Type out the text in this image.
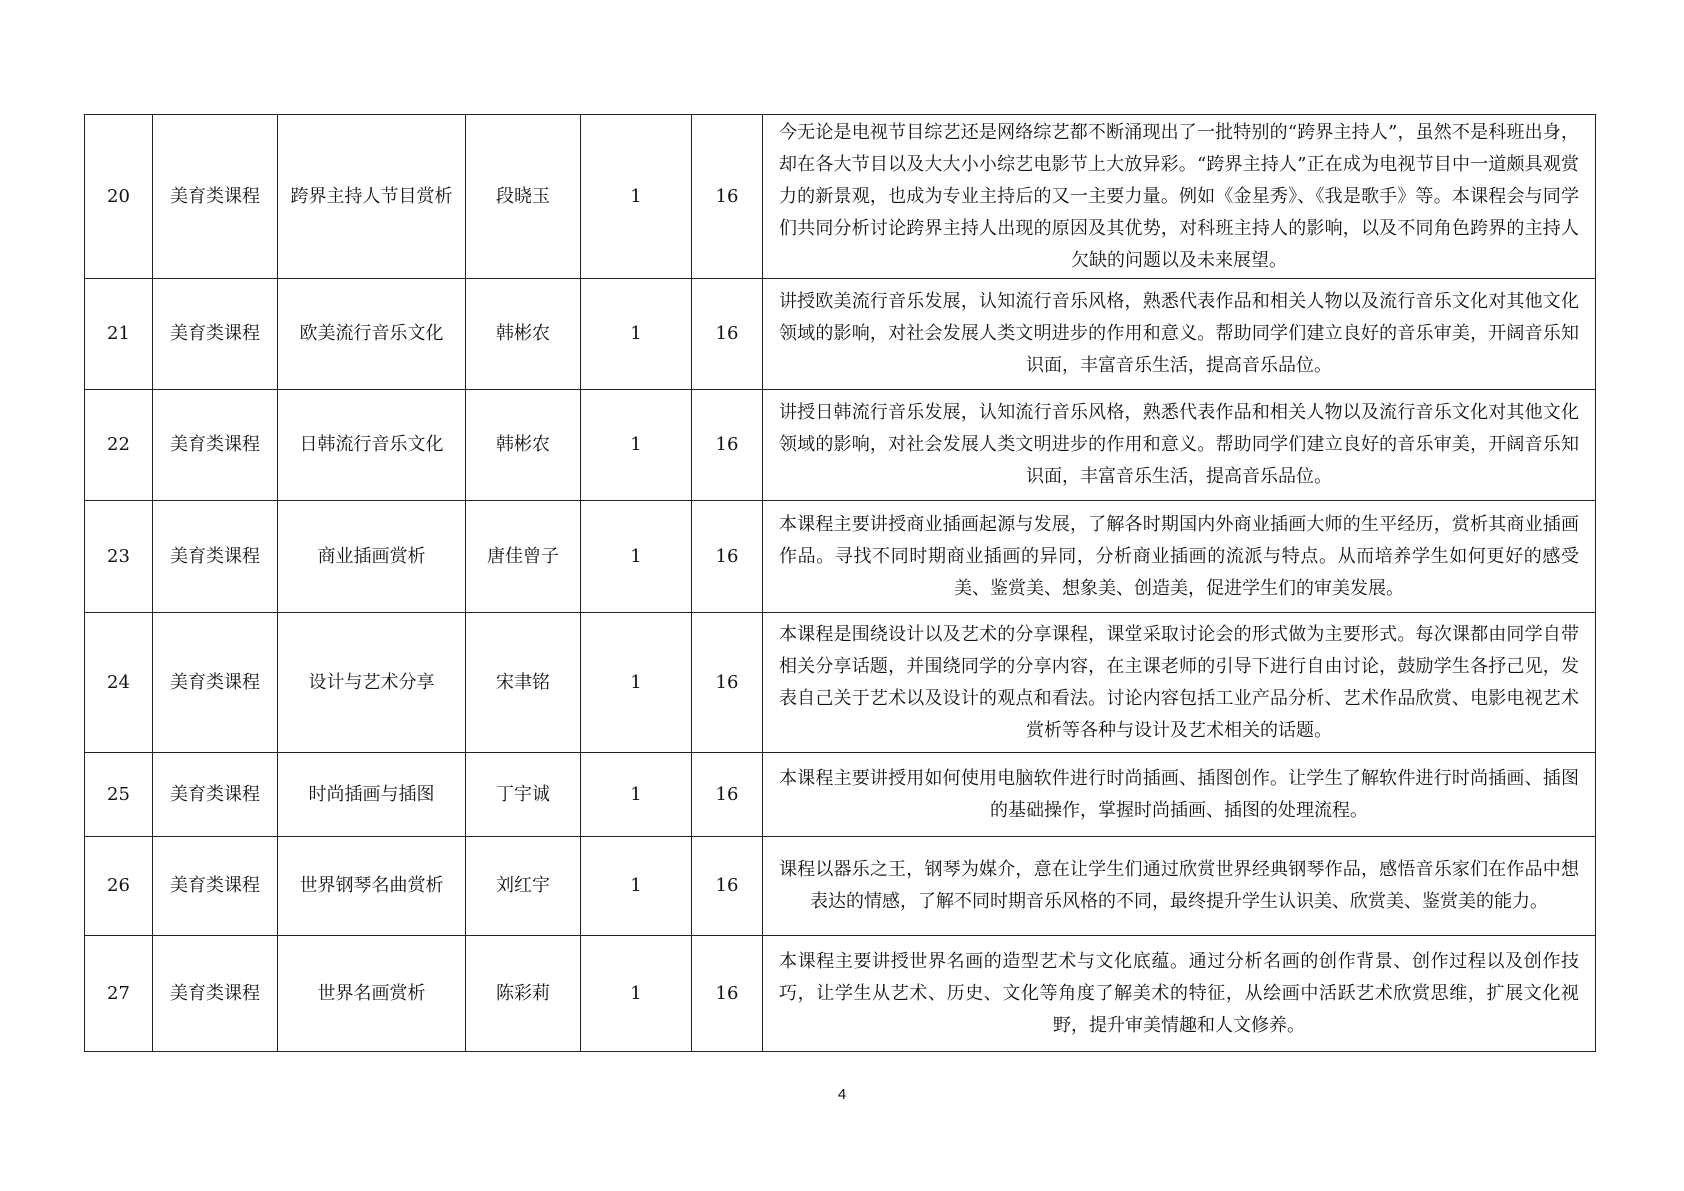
20	美育类课程	跨界主持人节目赏析	段晓玉	1	16	今无论是电视节目综艺还是网络综艺都不断涌现出了一批特别的“跨界主持人”，虽然不是科班出身，却在各大节目以及大大小小综艺电影节上大放异彩。“跨界主持人”正在成为电视节目中一道颇具观赏力的新景观，也成为专业主持后的又一主要力量。例如《金星秀》、《我是歌手》等。本课程会与同学们共同分析讨论跨界主持人出现的原因及其优势，对科班主持人的影响，以及不同角色跨界的主持人欠缺的问题以及未来展望。
21	美育类课程	欧美流行音乐文化	韩彬农	1	16	讲授欧美流行音乐发展，认知流行音乐风格，熟悉代表作品和相关人物以及流行音乐文化对其他文化领域的影响，对社会发展人类文明进步的作用和意义。帮助同学们建立良好的音乐审美，开阔音乐知识面，丰富音乐生活，提高音乐品位。
22	美育类课程	日韩流行音乐文化	韩彬农	1	16	讲授日韩流行音乐发展，认知流行音乐风格，熟悉代表作品和相关人物以及流行音乐文化对其他文化领域的影响，对社会发展人类文明进步的作用和意义。帮助同学们建立良好的音乐审美，开阔音乐知识面，丰富音乐生活，提高音乐品位。
23	美育类课程	商业插画赏析	唐佳曾子	1	16	本课程主要讲授商业插画起源与发展，了解各时期国内外商业插画大师的生平经历，赏析其商业插画作品。寻找不同时期商业插画的异同，分析商业插画的流派与特点。从而培养学生如何更好的感受美、鉴赏美、想象美、创造美，促进学生们的审美发展。
24	美育类课程	设计与艺术分享	宋聿铭	1	16	本课程是围绕设计以及艺术的分享课程，课堂采取讨论会的形式做为主要形式。每次课都由同学自带相关分享话题，并围绕同学的分享内容，在主课老师的引导下进行自由讨论，鼓励学生各抒己见，发表自己关于艺术以及设计的观点和看法。讨论内容包括工业产品分析、艺术作品欣赏、电影电视艺术赏析等各种与设计及艺术相关的话题。
25	美育类课程	时尚插画与插图	丁宇诚	1	16	本课程主要讲授用如何使用电脑软件进行时尚插画、插图创作。让学生了解软件进行时尚插画、插图的基础操作，掌握时尚插画、插图的处理流程。
26	美育类课程	世界钢琴名曲赏析	刘红宇	1	16	课程以器乐之王，钢琴为媒介，意在让学生们通过欣赏世界经典钢琴作品，感悟音乐家们在作品中想表达的情感，了解不同时期音乐风格的不同，最终提升学生认识美、欣赏美、鉴赏美的能力。
27	美育类课程	世界名画赏析	陈彩莉	1	16	本课程主要讲授世界名画的造型艺术与文化底蕴。通过分析名画的创作背景、创作过程以及创作技巧，让学生从艺术、历史、文化等角度了解美术的特征，从绘画中活跃艺术欣赏思维，扩展文化视野，提升审美情趣和人文修养。
4
